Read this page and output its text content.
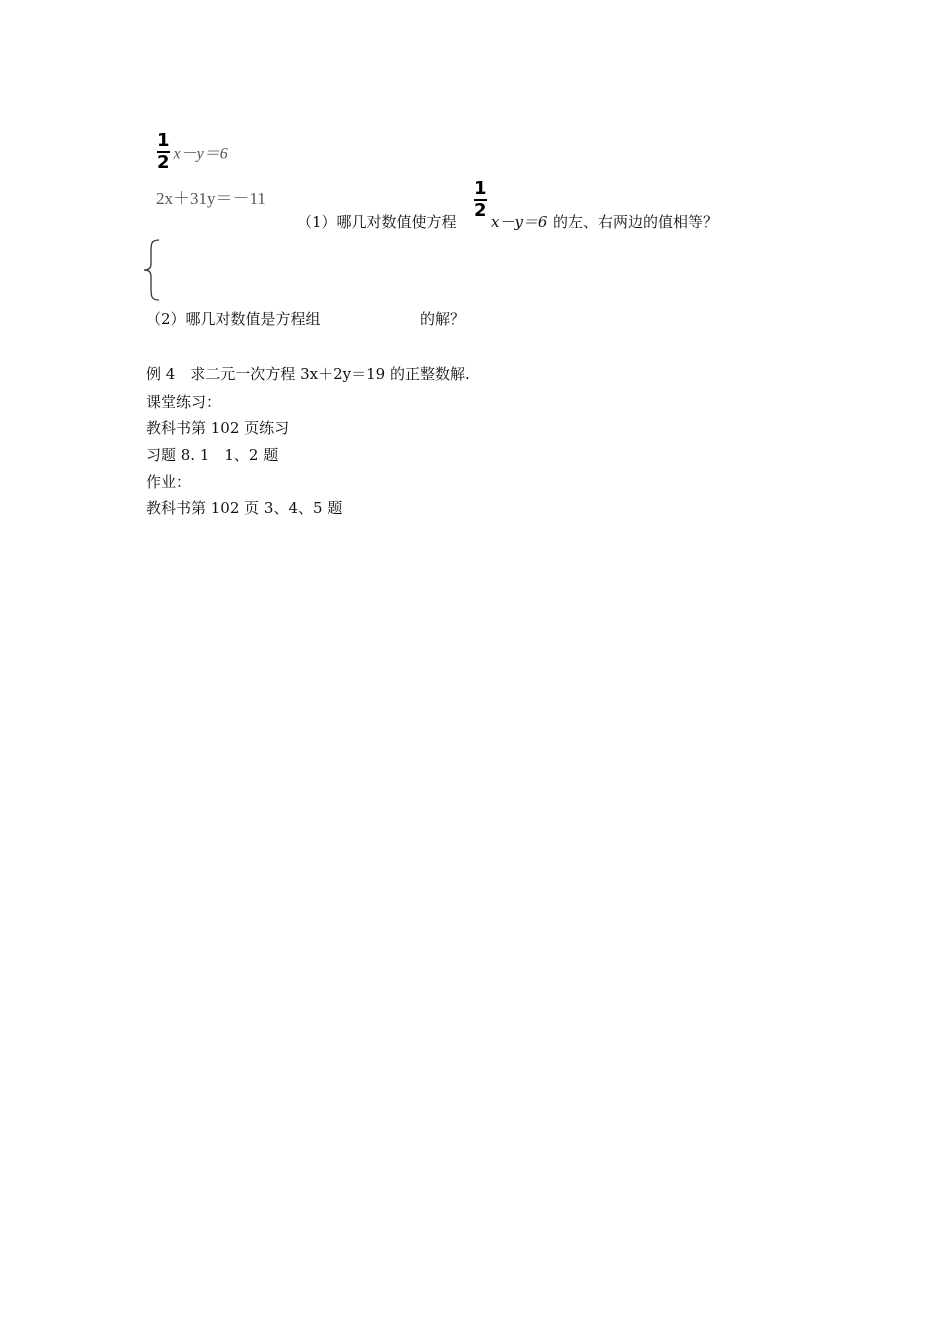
$\frac{1}{2} x-y=6$
2x＋31y＝－11
（1）哪几对数值使方程
$\frac{1}{2}$
x－y＝6 的左、右两边的值相等？
（2）哪几对数值是方程组	的解？
例 4　求二元一次方程 3x＋2y＝19 的正整数解.
课堂练习：
教科书第 102 页练习
习题 8. 1　1、2 题
作业：
教科书第 102 页 3、4、5 题
